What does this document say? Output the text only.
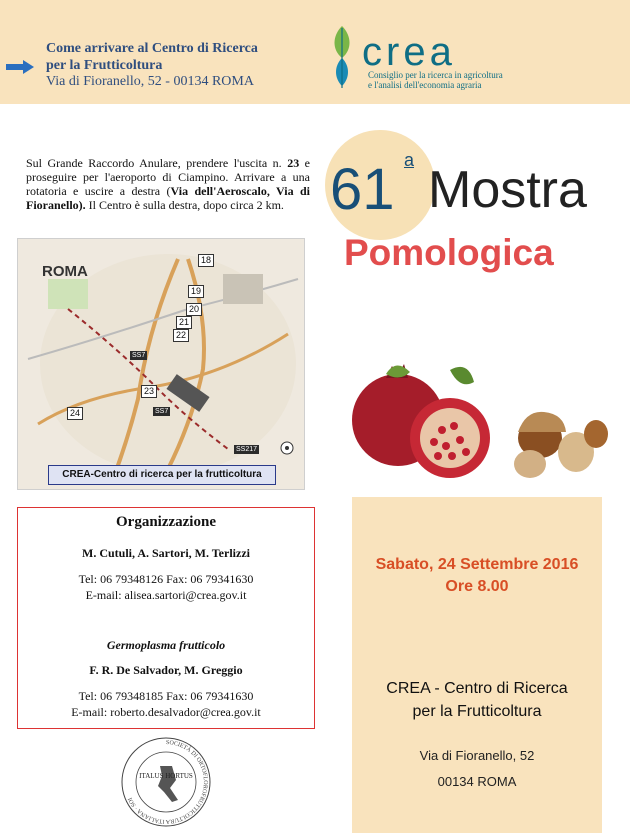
Come arrivare al Centro di Ricerca per la Frutticoltura
Via di Fioranello, 52 - 00134 ROMA
crea
Consiglio per la ricerca in agricoltura
e l'analisi dell'economia agraria
Sul Grande Raccordo Anulare, prendere l'uscita n. 23 e proseguire per l'aeroporto di Ciampino. Arrivare a una rotatoria e uscire a destra (Via dell'Aeroscalo, Via di Fioranello). Il Centro è sulla destra, dopo circa 2 km.
ROMA
18
19
20
21
22
23
24
SS7
SS7
SS217
CREA-Centro di ricerca per la frutticoltura
61 a
Mostra
Pomologica
Organizzazione
M. Cutuli, A. Sartori, M. Terlizzi
Tel: 06 79348126 Fax: 06 79341630
E-mail: alisea.sartori@crea.gov.it
Germoplasma frutticolo
F. R. De Salvador, M. Greggio
Tel: 06 79348185 Fax: 06 79341630
E-mail: roberto.desalvador@crea.gov.it
Sabato, 24 Settembre 2016
Ore 8.00
CREA - Centro di Ricerca
per la Frutticoltura
Via di Fioranello, 52
00134 ROMA
SOCIETÀ DI ORTOFLOROFRUTTICOLTURA ITALIANA · SOI
ITALUS HORTUS
